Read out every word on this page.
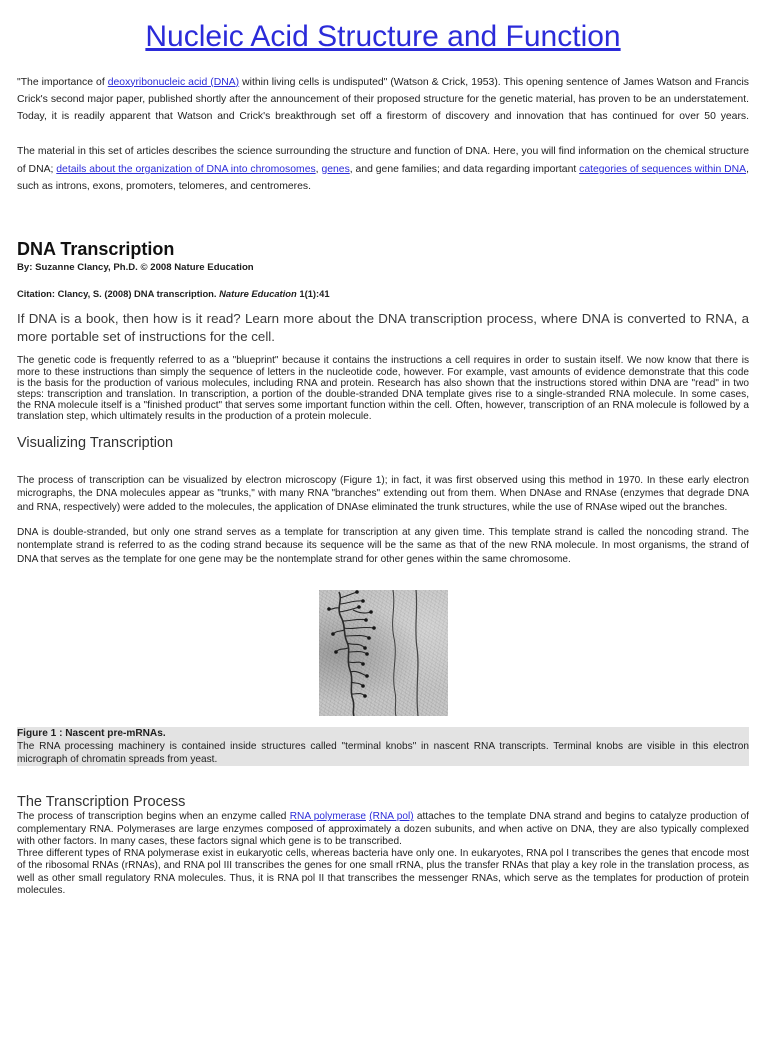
Nucleic Acid Structure and Function

"The importance of deoxyribonucleic acid (DNA) within living cells is undisputed" (Watson & Crick, 1953). This opening sentence of James Watson and Francis Crick's second major paper, published shortly after the announcement of their proposed structure for the genetic material, has proven to be an understatement. Today, it is readily apparent that Watson and Crick's breakthrough set off a firestorm of discovery and innovation that has continued for over 50 years.

The material in this set of articles describes the science surrounding the structure and function of DNA. Here, you will find information on the chemical structure of DNA; details about the organization of DNA into chromosomes, genes, and gene families; and data regarding important categories of sequences within DNA, such as introns, exons, promoters, telomeres, and centromeres.

DNA Transcription
By: Suzanne Clancy, Ph.D. © 2008 Nature Education
Citation: Clancy, S. (2008) DNA transcription. Nature Education 1(1):41

If DNA is a book, then how is it read? Learn more about the DNA transcription process, where DNA is converted to RNA, a more portable set of instructions for the cell.

The genetic code is frequently referred to as a "blueprint" because it contains the instructions a cell requires in order to sustain itself. We now know that there is more to these instructions than simply the sequence of letters in the nucleotide code, however. For example, vast amounts of evidence demonstrate that this code is the basis for the production of various molecules, including RNA and protein. Research has also shown that the instructions stored within DNA are "read" in two steps: transcription and translation. In transcription, a portion of the double-stranded DNA template gives rise to a single-stranded RNA molecule. In some cases, the RNA molecule itself is a "finished product" that serves some important function within the cell. Often, however, transcription of an RNA molecule is followed by a translation step, which ultimately results in the production of a protein molecule.

Visualizing Transcription

The process of transcription can be visualized by electron microscopy (Figure 1); in fact, it was first observed using this method in 1970. In these early electron micrographs, the DNA molecules appear as "trunks," with many RNA "branches" extending out from them. When DNAse and RNAse (enzymes that degrade DNA and RNA, respectively) were added to the molecules, the application of DNAse eliminated the trunk structures, while the use of RNAse wiped out the branches.

DNA is double-stranded, but only one strand serves as a template for transcription at any given time. This template strand is called the noncoding strand. The nontemplate strand is referred to as the coding strand because its sequence will be the same as that of the new RNA molecule. In most organisms, the strand of DNA that serves as the template for one gene may be the nontemplate strand for other genes within the same chromosome.

Figure 1 : Nascent pre-mRNAs.
The RNA processing machinery is contained inside structures called "terminal knobs" in nascent RNA transcripts. Terminal knobs are visible in this electron micrograph of chromatin spreads from yeast.
The Transcription Process

The process of transcription begins when an enzyme called RNA polymerase (RNA pol) attaches to the template DNA strand and begins to catalyze production of complementary RNA. Polymerases are large enzymes composed of approximately a dozen subunits, and when active on DNA, they are also typically complexed with other factors. In many cases, these factors signal which gene is to be transcribed.

Three different types of RNA polymerase exist in eukaryotic cells, whereas bacteria have only one. In eukaryotes, RNA pol I transcribes the genes that encode most of the ribosomal RNAs (rRNAs), and RNA pol III transcribes the genes for one small rRNA, plus the transfer RNAs that play a key role in the translation process, as well as other small regulatory RNA molecules. Thus, it is RNA pol II that transcribes the messenger RNAs, which serve as the templates for production of protein molecules.
